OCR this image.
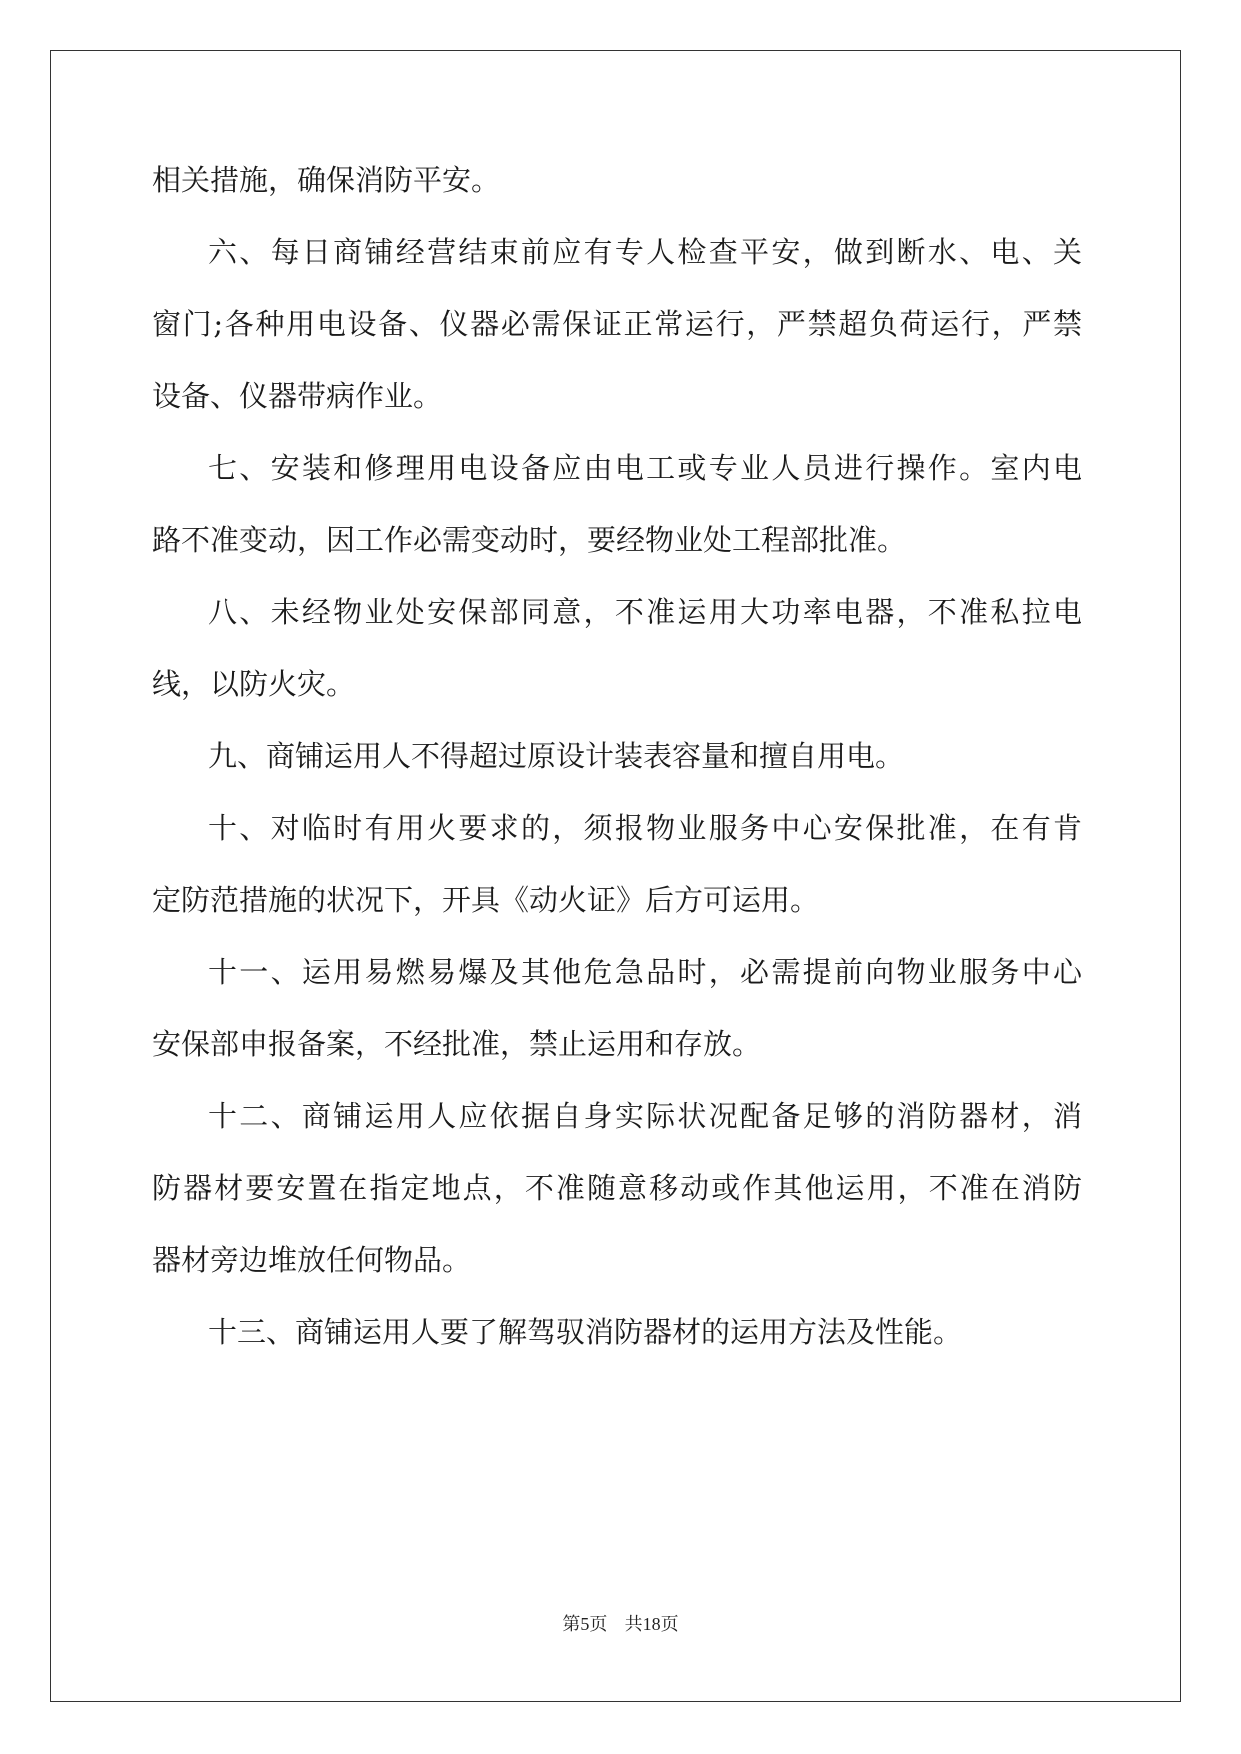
相关措施，确保消防平安。
六、每日商铺经营结束前应有专人检查平安，做到断水、电、关
窗门;各种用电设备、仪器必需保证正常运行，严禁超负荷运行，严禁
设备、仪器带病作业。
七、安装和修理用电设备应由电工或专业人员进行操作。室内电
路不准变动，因工作必需变动时，要经物业处工程部批准。
八、未经物业处安保部同意，不准运用大功率电器，不准私拉电
线，以防火灾。
九、商铺运用人不得超过原设计装表容量和擅自用电。
十、对临时有用火要求的，须报物业服务中心安保批准，在有肯
定防范措施的状况下，开具《动火证》后方可运用。
十一、运用易燃易爆及其他危急品时，必需提前向物业服务中心
安保部申报备案，不经批准，禁止运用和存放。
十二、商铺运用人应依据自身实际状况配备足够的消防器材，消
防器材要安置在指定地点，不准随意移动或作其他运用，不准在消防
器材旁边堆放任何物品。
十三、商铺运用人要了解驾驭消防器材的运用方法及性能。
第5页   共18页
